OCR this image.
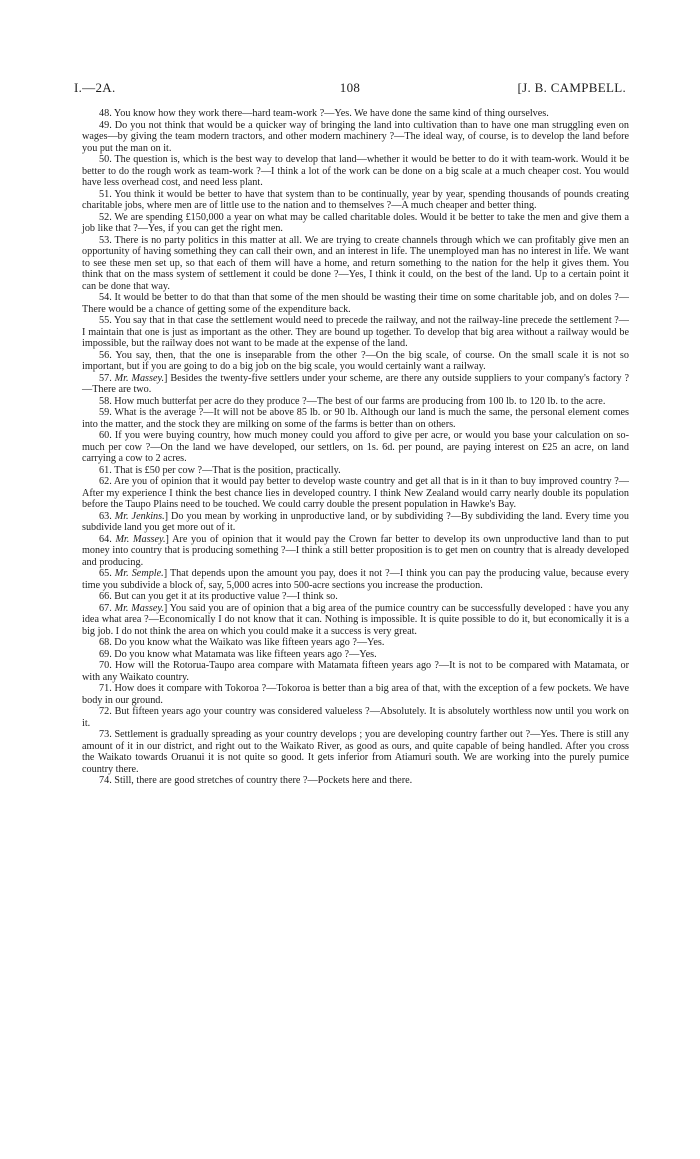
I.—2A.	108	[J. B. CAMPBELL.

48. You know how they work there—hard team-work ?—Yes. We have done the same kind of thing ourselves.

49. Do you not think that would be a quicker way of bringing the land into cultivation than to have one man struggling even on wages—by giving the team modern tractors, and other modern machinery ?—The ideal way, of course, is to develop the land before you put the man on it.

50. The question is, which is the best way to develop that land—whether it would be better to do it with team-work. Would it be better to do the rough work as team-work ?—I think a lot of the work can be done on a big scale at a much cheaper cost. You would have less overhead cost, and need less plant.

51. You think it would be better to have that system than to be continually, year by year, spending thousands of pounds creating charitable jobs, where men are of little use to the nation and to themselves ?—A much cheaper and better thing.

52. We are spending £150,000 a year on what may be called charitable doles. Would it be better to take the men and give them a job like that ?—Yes, if you can get the right men.

53. There is no party politics in this matter at all. We are trying to create channels through which we can profitably give men an opportunity of having something they can call their own, and an interest in life. The unemployed man has no interest in life. We want to see these men set up, so that each of them will have a home, and return something to the nation for the help it gives them. You think that on the mass system of settlement it could be done ?—Yes, I think it could, on the best of the land. Up to a certain point it can be done that way.

54. It would be better to do that than that some of the men should be wasting their time on some charitable job, and on doles ?—There would be a chance of getting some of the expenditure back.

55. You say that in that case the settlement would need to precede the railway, and not the railway-line precede the settlement ?—I maintain that one is just as important as the other. They are bound up together. To develop that big area without a railway would be impossible, but the railway does not want to be made at the expense of the land.

56. You say, then, that the one is inseparable from the other ?—On the big scale, of course. On the small scale it is not so important, but if you are going to do a big job on the big scale, you would certainly want a railway.

57. Mr. Massey.] Besides the twenty-five settlers under your scheme, are there any outside suppliers to your company's factory ?—There are two.

58. How much butterfat per acre do they produce ?—The best of our farms are producing from 100 lb. to 120 lb. to the acre.

59. What is the average ?—It will not be above 85 lb. or 90 lb. Although our land is much the same, the personal element comes into the matter, and the stock they are milking on some of the farms is better than on others.

60. If you were buying country, how much money could you afford to give per acre, or would you base your calculation on so-much per cow ?—On the land we have developed, our settlers, on 1s. 6d. per pound, are paying interest on £25 an acre, on land carrying a cow to 2 acres.

61. That is £50 per cow ?—That is the position, practically.

62. Are you of opinion that it would pay better to develop waste country and get all that is in it than to buy improved country ?—After my experience I think the best chance lies in developed country. I think New Zealand would carry nearly double its population before the Taupo Plains need to be touched. We could carry double the present population in Hawke's Bay.

63. Mr. Jenkins.] Do you mean by working in unproductive land, or by subdividing ?—By subdividing the land. Every time you subdivide land you get more out of it.

64. Mr. Massey.] Are you of opinion that it would pay the Crown far better to develop its own unproductive land than to put money into country that is producing something ?—I think a still better proposition is to get men on country that is already developed and producing.

65. Mr. Semple.] That depends upon the amount you pay, does it not ?—I think you can pay the producing value, because every time you subdivide a block of, say, 5,000 acres into 500-acre sections you increase the production.

66. But can you get it at its productive value ?—I think so.

67. Mr. Massey.] You said you are of opinion that a big area of the pumice country can be successfully developed : have you any idea what area ?—Economically I do not know that it can. Nothing is impossible. It is quite possible to do it, but economically it is a big job. I do not think the area on which you could make it a success is very great.

68. Do you know what the Waikato was like fifteen years ago ?—Yes.

69. Do you know what Matamata was like fifteen years ago ?—Yes.

70. How will the Rotorua-Taupo area compare with Matamata fifteen years ago ?—It is not to be compared with Matamata, or with any Waikato country.

71. How does it compare with Tokoroa ?—Tokoroa is better than a big area of that, with the exception of a few pockets. We have body in our ground.

72. But fifteen years ago your country was considered valueless ?—Absolutely. It is absolutely worthless now until you work on it.

73. Settlement is gradually spreading as your country develops ; you are developing country farther out ?—Yes. There is still any amount of it in our district, and right out to the Waikato River, as good as ours, and quite capable of being handled. After you cross the Waikato towards Oruanui it is not quite so good. It gets inferior from Atiamuri south. We are working into the purely pumice country there.

74. Still, there are good stretches of country there ?—Pockets here and there.
